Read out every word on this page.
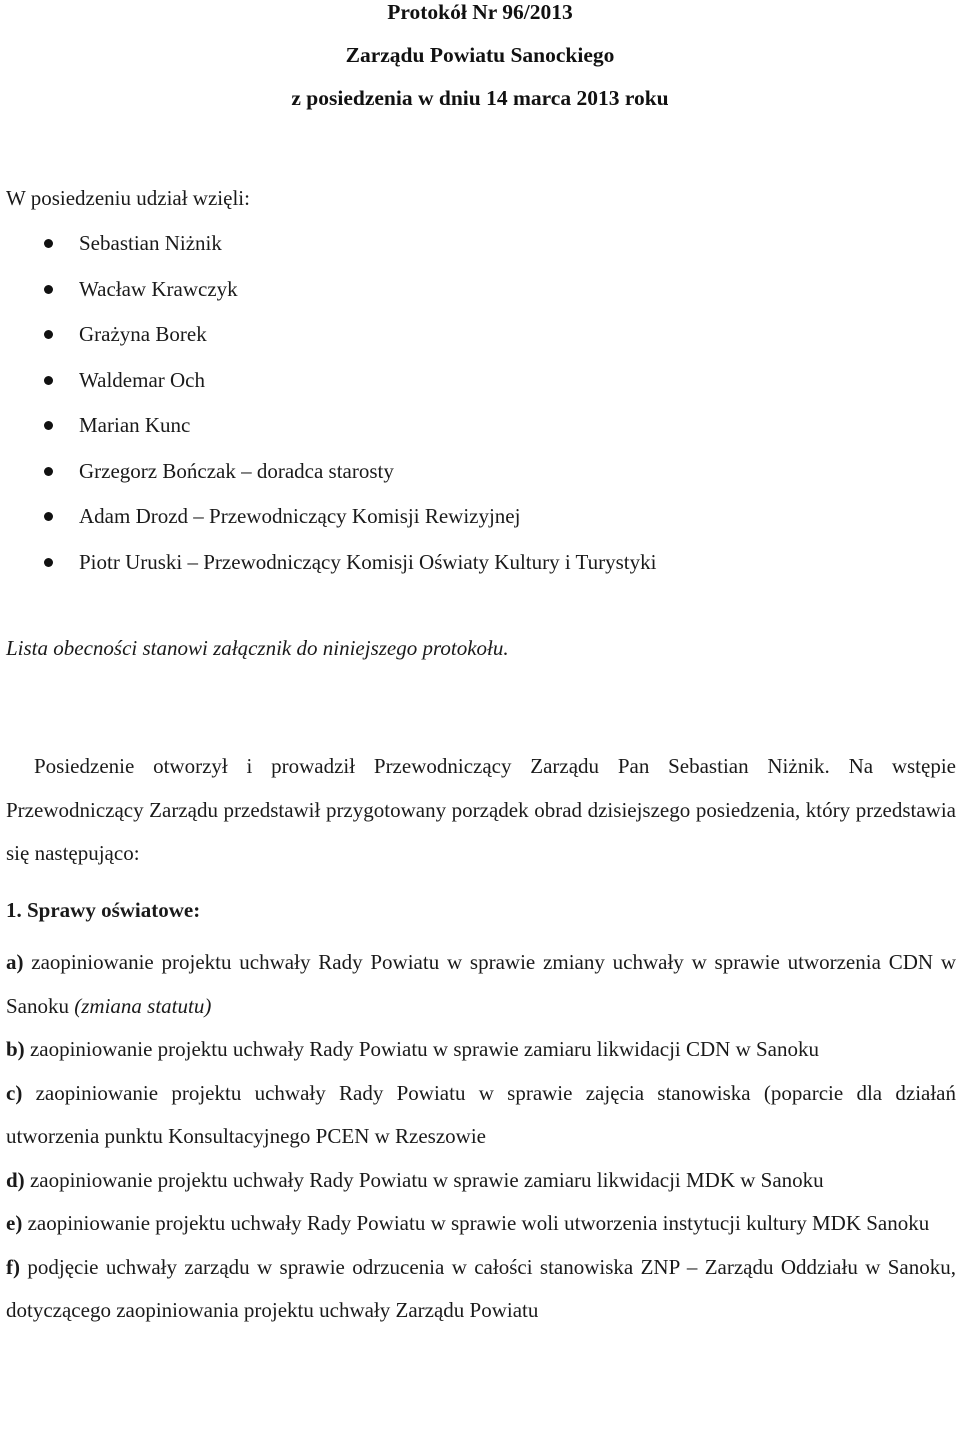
Protokół Nr 96/2013
Zarządu Powiatu Sanockiego
z posiedzenia w dniu 14 marca 2013 roku
W posiedzeniu udział wzięli:
Sebastian Niżnik
Wacław Krawczyk
Grażyna Borek
Waldemar Och
Marian Kunc
Grzegorz Bończak – doradca starosty
Adam Drozd – Przewodniczący Komisji Rewizyjnej
Piotr Uruski – Przewodniczący Komisji Oświaty Kultury i Turystyki
Lista obecności stanowi załącznik do niniejszego protokołu.

Posiedzenie otworzył i prowadził Przewodniczący Zarządu Pan Sebastian Niżnik. Na wstępie Przewodniczący Zarządu przedstawił przygotowany porządek obrad dzisiejszego posiedzenia, który przedstawia się następująco:

1. Sprawy oświatowe:

a) zaopiniowanie projektu uchwały Rady Powiatu w sprawie zmiany uchwały w sprawie utworzenia CDN w Sanoku (zmiana statutu)

b) zaopiniowanie projektu uchwały Rady Powiatu w sprawie zamiaru likwidacji CDN w Sanoku

c) zaopiniowanie projektu uchwały Rady Powiatu w sprawie zajęcia stanowiska (poparcie dla działań utworzenia punktu Konsultacyjnego PCEN w Rzeszowie

d) zaopiniowanie projektu uchwały Rady Powiatu w sprawie zamiaru likwidacji MDK w Sanoku

e) zaopiniowanie projektu uchwały Rady Powiatu w sprawie woli utworzenia instytucji kultury MDK Sanoku

f) podjęcie uchwały zarządu w sprawie odrzucenia w całości stanowiska ZNP – Zarządu Oddziału w Sanoku, dotyczącego zaopiniowania projektu uchwały Zarządu Powiatu
